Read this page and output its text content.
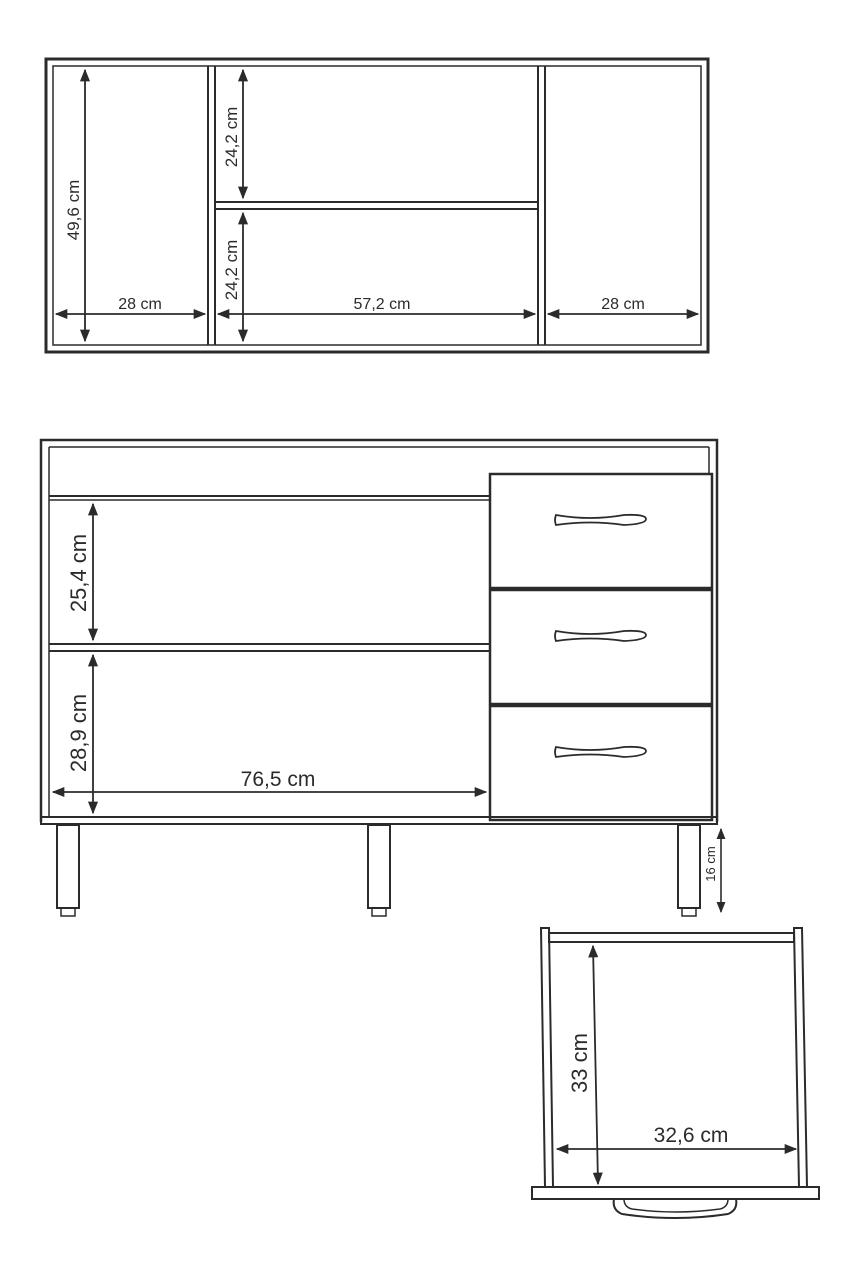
49,6 cm
24,2 cm
24,2 cm
28 cm	57,2 cm	28 cm
25,4 cm
28,9 cm
76,5 cm
16 cm
33 cm
32,6 cm
